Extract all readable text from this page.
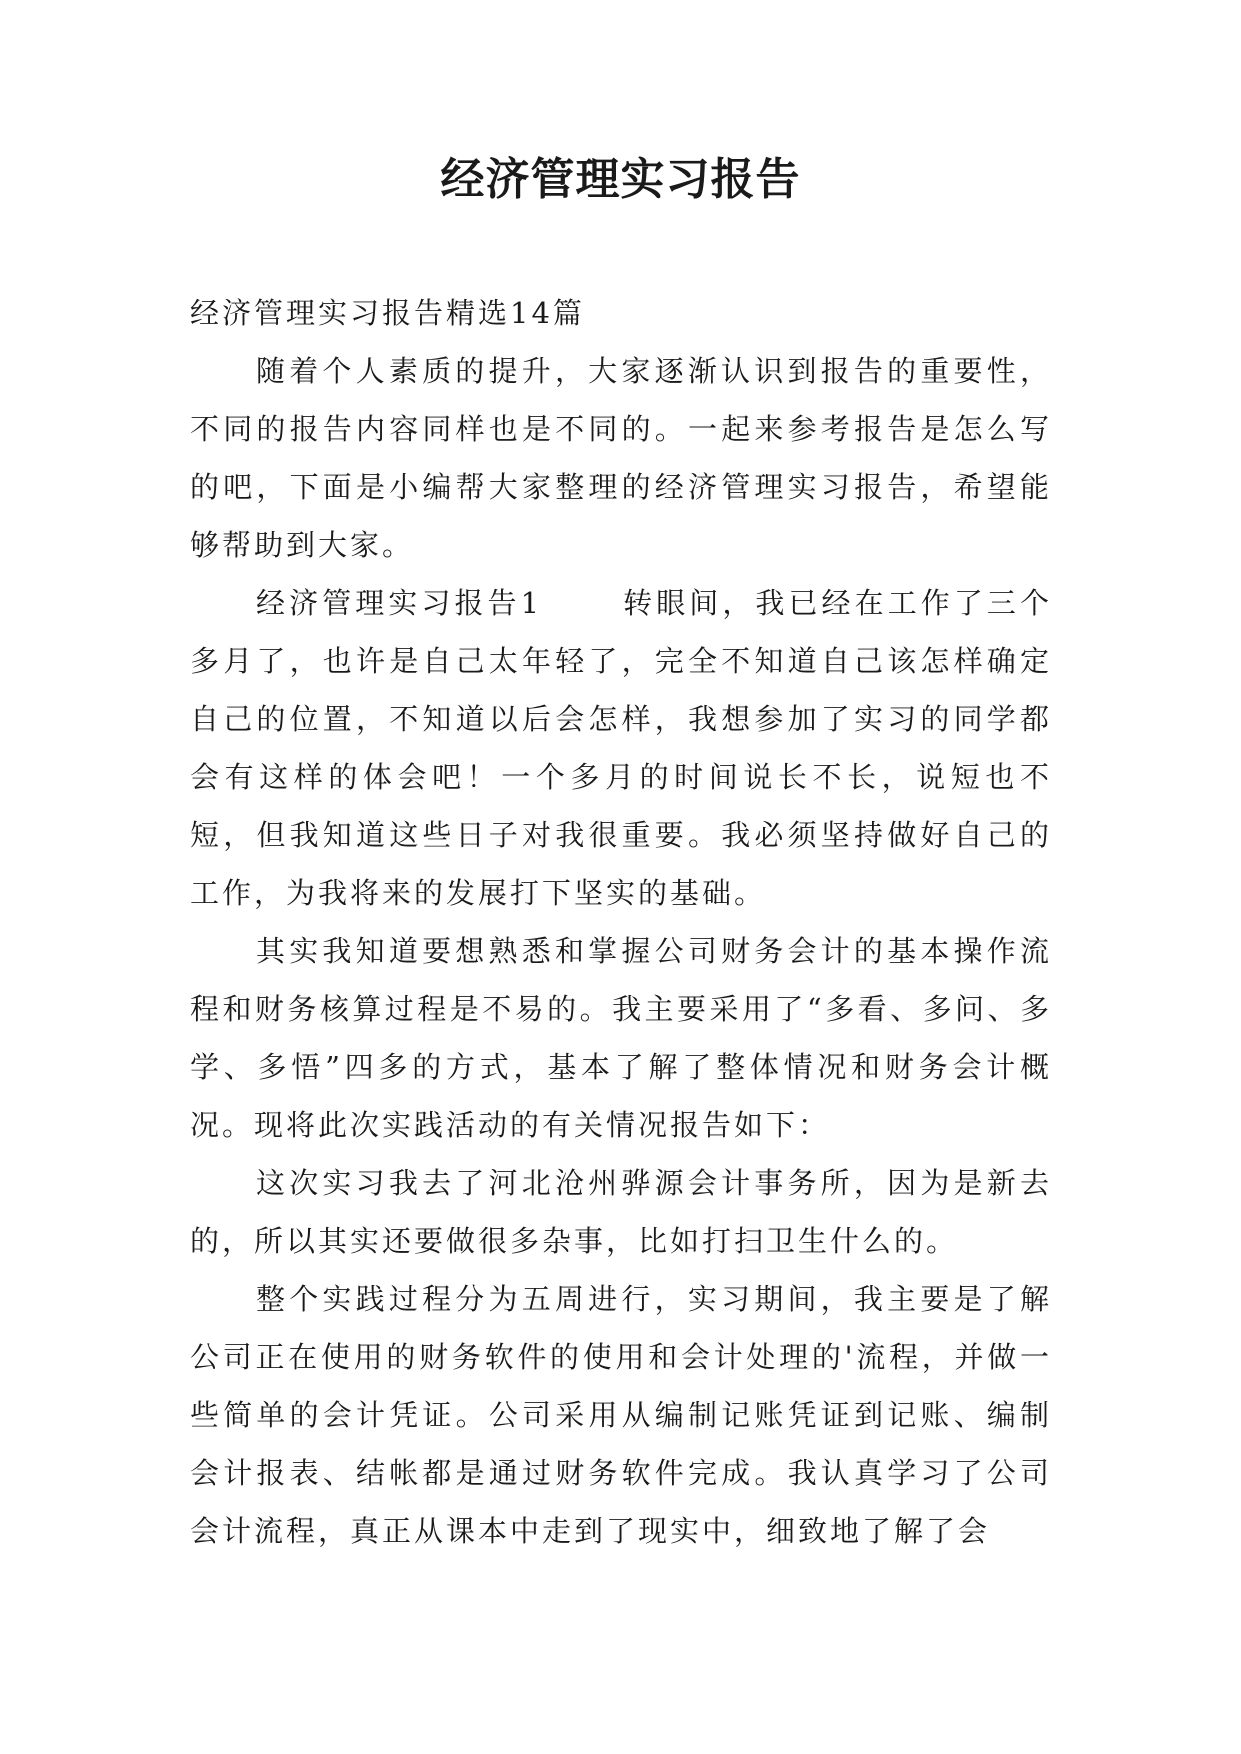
经济管理实习报告

经济管理实习报告精选14篇

随着个人素质的提升，大家逐渐认识到报告的重要性，不同的报告内容同样也是不同的。一起来参考报告是怎么写的吧，下面是小编帮大家整理的经济管理实习报告，希望能够帮助到大家。

经济管理实习报告1	转眼间，我已经在工作了三个多月了，也许是自己太年轻了，完全不知道自己该怎样确定自己的位置，不知道以后会怎样，我想参加了实习的同学都会有这样的体会吧！一个多月的时间说长不长，说短也不短，但我知道这些日子对我很重要。我必须坚持做好自己的工作，为我将来的发展打下坚实的基础。

其实我知道要想熟悉和掌握公司财务会计的基本操作流程和财务核算过程是不易的。我主要采用了“多看、多问、多学、多悟”四多的方式，基本了解了整体情况和财务会计概况。现将此次实践活动的有关情况报告如下：

这次实习我去了河北沧州骅源会计事务所，因为是新去的，所以其实还要做很多杂事，比如打扫卫生什么的。

整个实践过程分为五周进行，实习期间，我主要是了解公司正在使用的财务软件的使用和会计处理的'流程，并做一些简单的会计凭证。公司采用从编制记账凭证到记账、编制会计报表、结帐都是通过财务软件完成。我认真学习了公司会计流程，真正从课本中走到了现实中，细致地了解了会
